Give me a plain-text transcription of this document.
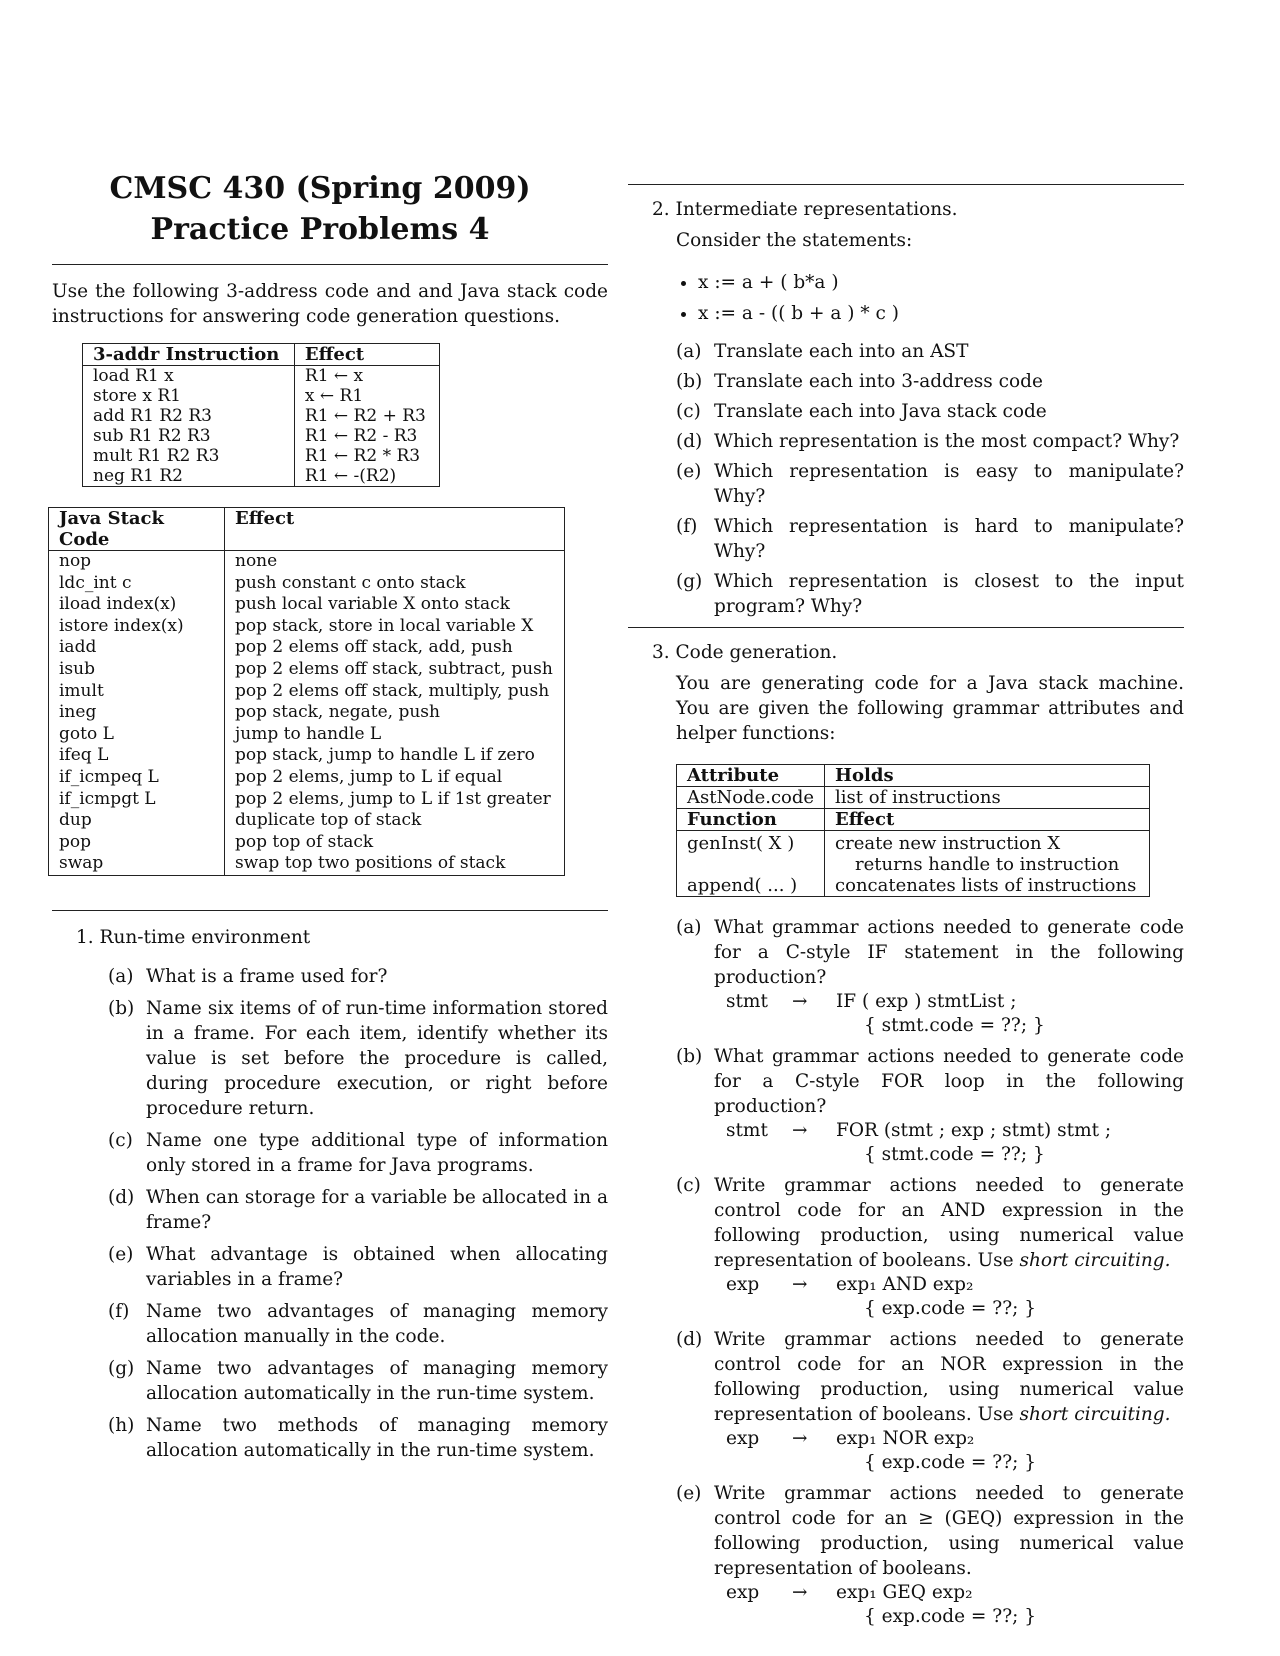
CMSC 430 (Spring 2009)
Practice Problems 4

Use the following 3-address code and and Java stack code instructions for answering code generation questions.

3-addr Instruction	Effect
load R1 x	R1 ← x
store x R1	x ← R1
add R1 R2 R3	R1 ← R2 + R3
sub R1 R2 R3	R1 ← R2 - R3
mult R1 R2 R3	R1 ← R2 * R3
neg R1 R2	R1 ← -(R2)
Java Stack Code	Effect
nop	none
ldc_int c	push constant c onto stack
iload index(x)	push local variable X onto stack
istore index(x)	pop stack, store in local variable X
iadd	pop 2 elems off stack, add, push
isub	pop 2 elems off stack, subtract, push
imult	pop 2 elems off stack, multiply, push
ineg	pop stack, negate, push
goto L	jump to handle L
ifeq L	pop stack, jump to handle L if zero
if_icmpeq L	pop 2 elems, jump to L if equal
if_icmpgt L	pop 2 elems, jump to L if 1st greater
dup	duplicate top of stack
pop	pop top of stack
swap	swap top two positions of stack

1. Run-time environment

(a) What is a frame used for?
(b) Name six items of of run-time information stored in a frame. For each item, identify whether its value is set before the procedure is called, during procedure execution, or right before procedure return.
(c) Name one type additional type of information only stored in a frame for Java programs.
(d) When can storage for a variable be allocated in a frame?
(e) What advantage is obtained when allocating variables in a frame?
(f) Name two advantages of managing memory allocation manually in the code.
(g) Name two advantages of managing memory allocation automatically in the run-time system.
(h) Name two methods of managing memory allocation automatically in the run-time system.

2. Intermediate representations.

Consider the statements:

• x := a + ( b*a )
• x := a - (( b + a ) * c )
(a) Translate each into an AST
(b) Translate each into 3-address code
(c) Translate each into Java stack code
(d) Which representation is the most compact? Why?
(e) Which representation is easy to manipulate? Why?
(f) Which representation is hard to manipulate? Why?
(g) Which representation is closest to the input program? Why?

3. Code generation.

You are generating code for a Java stack machine. You are given the following grammar attributes and helper functions:

Attribute	Holds
AstNode.code	list of instructions
Function	Effect
genInst( X )	create new instruction X
returns handle to instruction

append( ... )	concatenates lists of instructions
(a) What grammar actions needed to generate code for a C-style IF statement in the following production?
stmt → IF ( exp ) stmtList ;
{ stmt.code = ??; }
(b) What grammar actions needed to generate code for a C-style FOR loop in the following production?
stmt → FOR (stmt ; exp ; stmt) stmt ;
{ stmt.code = ??; }
(c) Write grammar actions needed to generate control code for an AND expression in the following production, using numerical value representation of booleans. Use short circuiting.
exp → exp₁ AND exp₂
{ exp.code = ??; }
(d) Write grammar actions needed to generate control code for an NOR expression in the following production, using numerical value representation of booleans. Use short circuiting.
exp → exp₁ NOR exp₂
{ exp.code = ??; }
(e) Write grammar actions needed to generate control code for an ≥ (GEQ) expression in the following production, using numerical value representation of booleans.
exp → exp₁ GEQ exp₂
{ exp.code = ??; }
